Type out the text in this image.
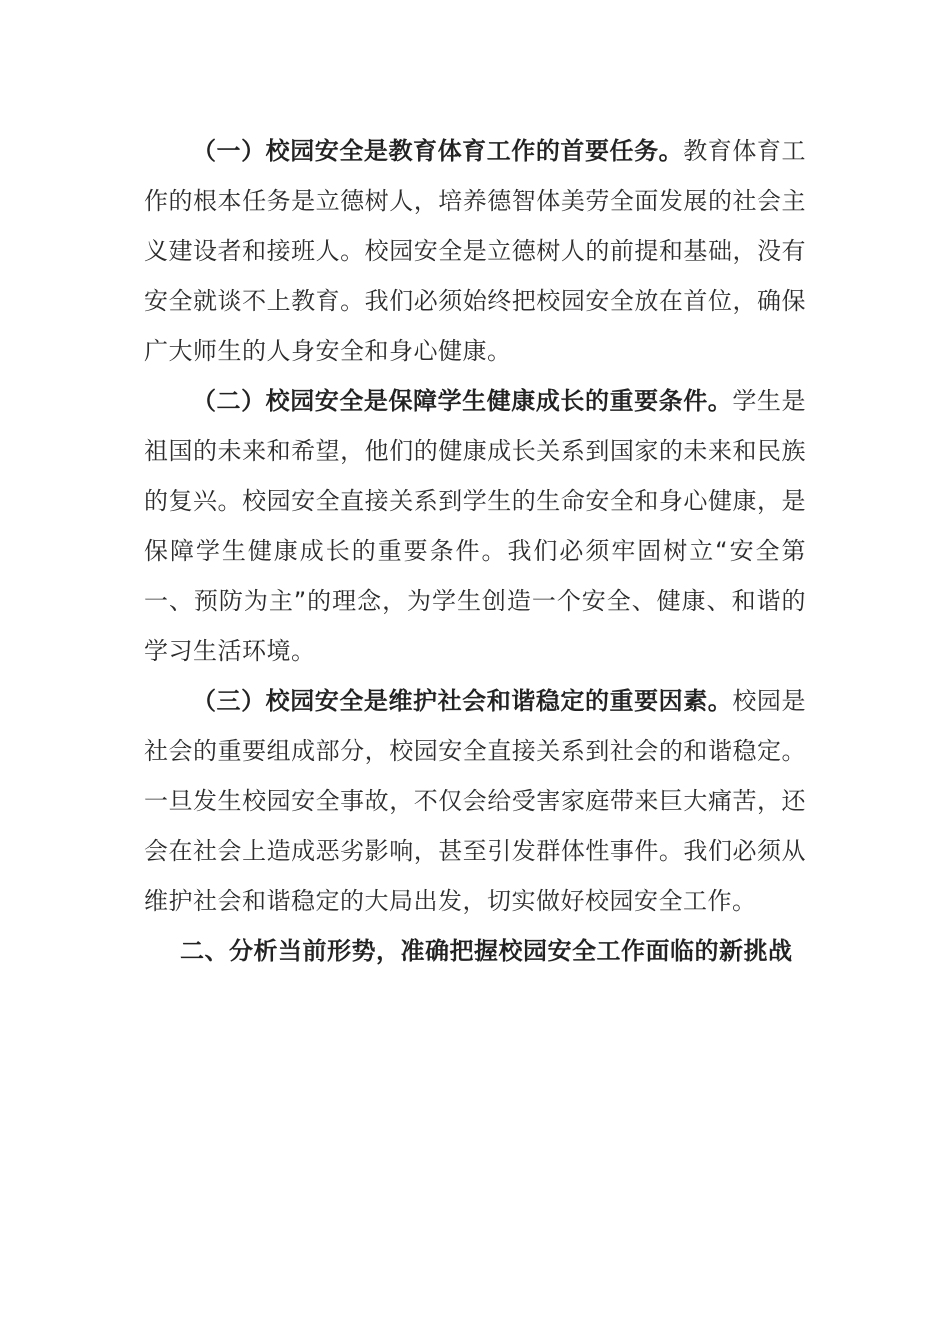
（一）校园安全是教育体育工作的首要任务。教育体育工作的根本任务是立德树人，培养德智体美劳全面发展的社会主义建设者和接班人。校园安全是立德树人的前提和基础，没有安全就谈不上教育。我们必须始终把校园安全放在首位，确保广大师生的人身安全和身心健康。

（二）校园安全是保障学生健康成长的重要条件。学生是祖国的未来和希望，他们的健康成长关系到国家的未来和民族的复兴。校园安全直接关系到学生的生命安全和身心健康，是保障学生健康成长的重要条件。我们必须牢固树立“安全第一、预防为主”的理念，为学生创造一个安全、健康、和谐的学习生活环境。

（三）校园安全是维护社会和谐稳定的重要因素。校园是社会的重要组成部分，校园安全直接关系到社会的和谐稳定。一旦发生校园安全事故，不仅会给受害家庭带来巨大痛苦，还会在社会上造成恶劣影响，甚至引发群体性事件。我们必须从维护社会和谐稳定的大局出发，切实做好校园安全工作。

二、分析当前形势，准确把握校园安全工作面临的新挑战
